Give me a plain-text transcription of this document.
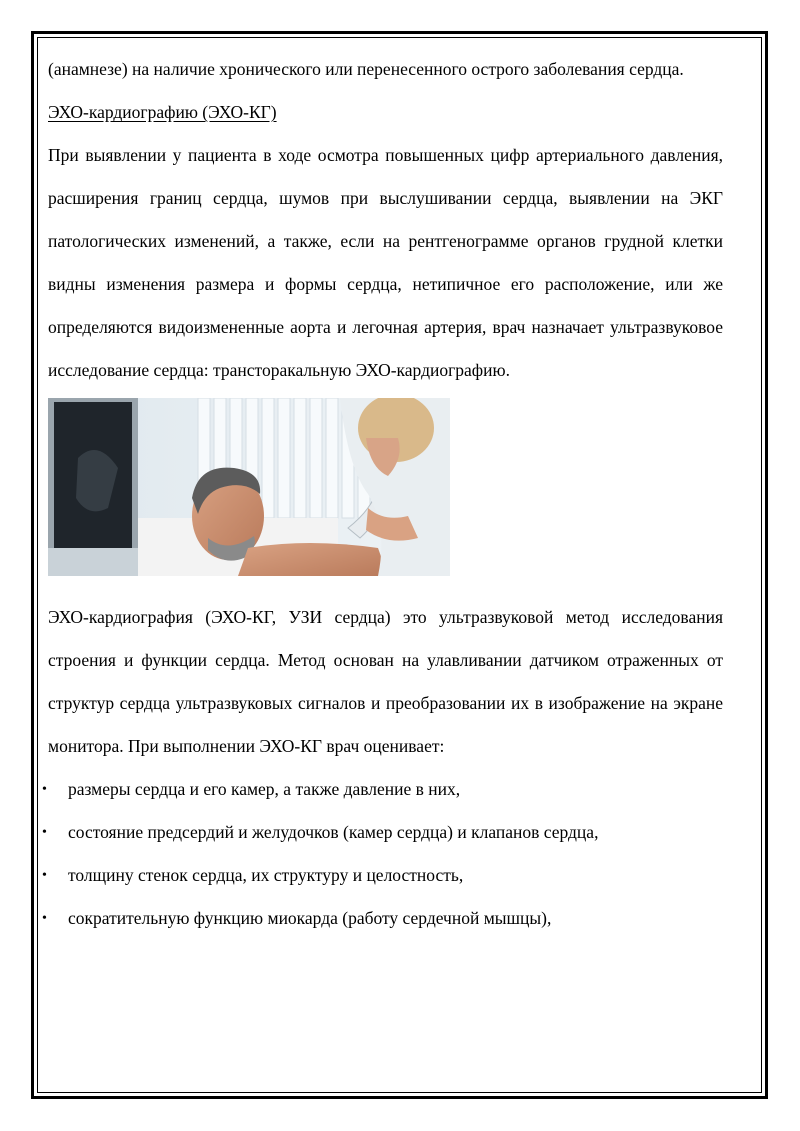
(анамнезе) на наличие хронического или перенесенного острого заболевания сердца.

ЭХО-кардиографию (ЭХО-КГ)

При выявлении у пациента в ходе осмотра повышенных цифр артериального давления, расширения границ сердца, шумов при выслушивании сердца, выявлении на ЭКГ патологических изменений, а также, если на рентгенограмме органов грудной клетки видны изменения размера и формы сердца, нетипичное его расположение, или же определяются видоизмененные аорта и легочная артерия, врач назначает ультразвуковое исследование сердца: трансторакальную ЭХО-кардиографию.

ЭХО-кардиография (ЭХО-КГ, УЗИ сердца) это ультразвуковой метод исследования строения и функции сердца. Метод основан на улавливании датчиком отраженных от структур сердца ультразвуковых сигналов и преобразовании их в изображение на экране монитора. При выполнении ЭХО-КГ врач оценивает:

• размеры сердца и его камер, а также давление в них,
• состояние предсердий и желудочков (камер сердца) и клапанов сердца,
• толщину стенок сердца, их структуру и целостность,
• сократительную функцию миокарда (работу сердечной мышцы),
